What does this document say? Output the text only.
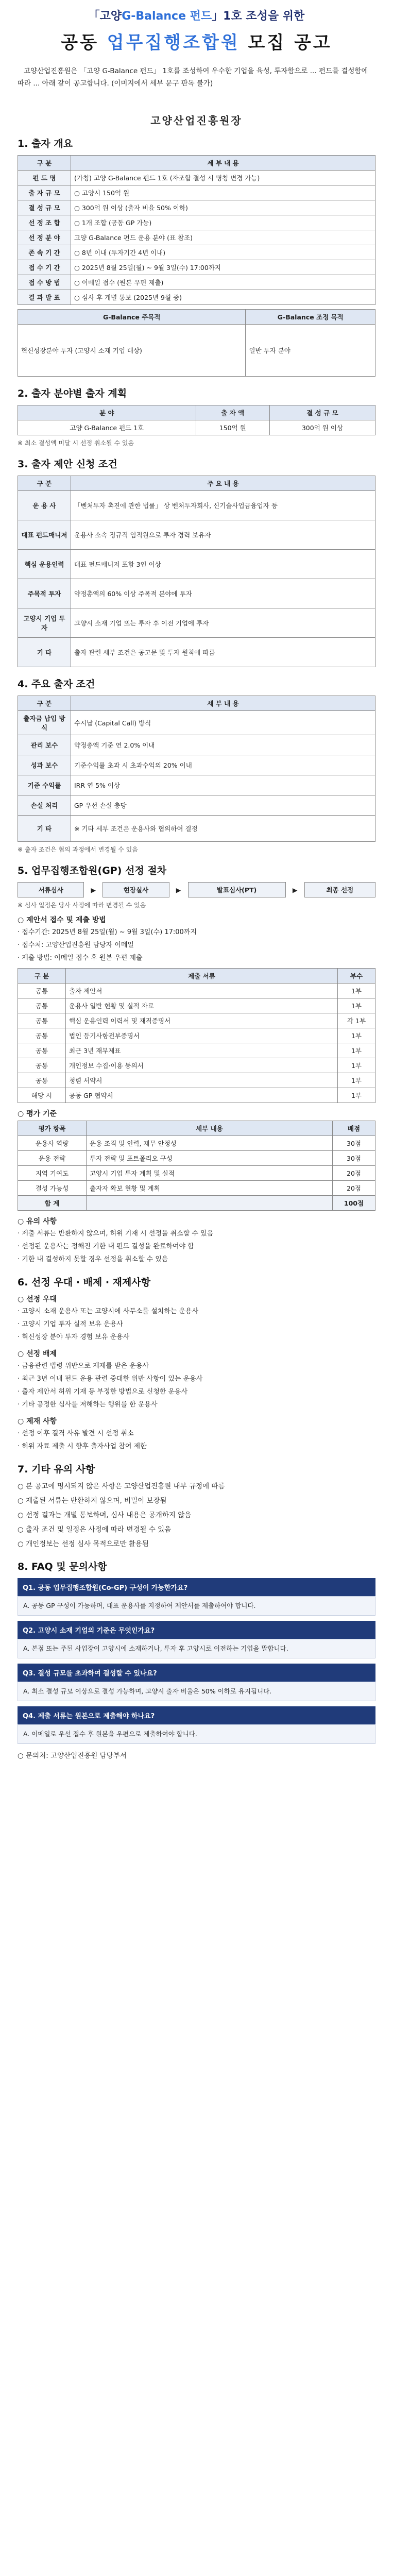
「고양G-Balance 펀드」1호 조성을 위한
공동 업무집행조합원 모집 공고
고양산업진흥원은 「고양 G-Balance 펀드」 1호를 조성하여 우수한 기업을 육성, 투자함으로 ... 펀드를 결성함에 따라 ... 아래 같이 공고합니다. (이미지에서 세부 문구 판독 불가)
고양산업진흥원장
1. 출자 개요
구 분	세 부 내 용
펀 드 명	(가칭) 고양 G-Balance 펀드 1호 (자조합 결성 시 명칭 변경 가능)
출 자 규 모	○ 고양시 150억 원
결 성 규 모	○ 300억 원 이상 (출자 비율 50% 이하)
선 정 조 합	○ 1개 조합 (공동 GP 가능)
선 정 분 야	고양 G-Balance 펀드 운용 분야 (표 참조)
존 속 기 간	○ 8년 이내 (투자기간 4년 이내)
접 수 기 간	○ 2025년 8월 25일(월) ~ 9월 3일(수) 17:00까지
접 수 방 법	○ 이메일 접수 (원본 우편 제출)
결 과 발 표	○ 심사 후 개별 통보 (2025년 9월 중)
G-Balance 주목적	G-Balance 조정 목적
혁신성장분야 투자 (고양시 소재 기업 대상)	일반 투자 분야
2. 출자 분야별 출자 계획
분 야	출 자 액	결 성 규 모
고양 G-Balance 펀드 1호	150억 원	300억 원 이상
※ 최소 결성액 미달 시 선정 취소될 수 있음
3. 출자 제안 신청 조건
구 분	주 요 내 용
운 용 사	「벤처투자 촉진에 관한 법률」 상 벤처투자회사, 신기술사업금융업자 등
대표 펀드매니저	운용사 소속 정규직 임직원으로 투자 경력 보유자
핵심 운용인력	대표 펀드매니저 포함 3인 이상
주목적 투자	약정총액의 60% 이상 주목적 분야에 투자
고양시 기업 투자	고양시 소재 기업 또는 투자 후 이전 기업에 투자
기 타	출자 관련 세부 조건은 공고문 및 투자 원칙에 따름
4. 주요 출자 조건
구 분	세 부 내 용
출자금 납입 방식	수시납 (Capital Call) 방식
관리 보수	약정총액 기준 연 2.0% 이내
성과 보수	기준수익률 초과 시 초과수익의 20% 이내
기준 수익률	IRR 연 5% 이상
손실 처리	GP 우선 손실 충당
기 타	※ 기타 세부 조건은 운용사와 협의하여 결정
※ 출자 조건은 협의 과정에서 변경될 수 있음
5. 업무집행조합원(GP) 선정 절차
서류심사	▶	현장실사	▶	발표심사(PT)	▶	최종 선정
※ 심사 일정은 당사 사정에 따라 변경될 수 있음
○ 제안서 접수 및 제출 방법
· 접수기간: 2025년 8월 25일(월) ~ 9월 3일(수) 17:00까지
· 접수처: 고양산업진흥원 담당자 이메일
· 제출 방법: 이메일 접수 후 원본 우편 제출
구 분	제출 서류	부수
공통	출자 제안서	1부
공통	운용사 일반 현황 및 실적 자료	1부
공통	핵심 운용인력 이력서 및 재직증명서	각 1부
공통	법인 등기사항전부증명서	1부
공통	최근 3년 재무제표	1부
공통	개인정보 수집·이용 동의서	1부
공통	청렴 서약서	1부
해당 시	공동 GP 협약서	1부
○ 평가 기준
평가 항목	세부 내용	배점
운용사 역량	운용 조직 및 인력, 재무 안정성	30점
운용 전략	투자 전략 및 포트폴리오 구성	30점
지역 기여도	고양시 기업 투자 계획 및 실적	20점
결성 가능성	출자자 확보 현황 및 계획	20점
합 계		100점
○ 유의 사항
· 제출 서류는 반환하지 않으며, 허위 기재 시 선정을 취소할 수 있음
· 선정된 운용사는 정해진 기한 내 펀드 결성을 완료하여야 함
· 기한 내 결성하지 못할 경우 선정을 취소할 수 있음
6. 선정 우대 · 배제 · 재제사항
○ 선정 우대
· 고양시 소재 운용사 또는 고양시에 사무소를 설치하는 운용사
· 고양시 기업 투자 실적 보유 운용사
· 혁신성장 분야 투자 경험 보유 운용사
○ 선정 배제
· 금융관련 법령 위반으로 제재를 받은 운용사
· 최근 3년 이내 펀드 운용 관련 중대한 위반 사항이 있는 운용사
· 출자 제안서 허위 기재 등 부정한 방법으로 신청한 운용사
· 기타 공정한 심사를 저해하는 행위를 한 운용사
○ 제재 사항
· 선정 이후 결격 사유 발견 시 선정 취소
· 허위 자료 제출 시 향후 출자사업 참여 제한
7. 기타 유의 사항
○ 본 공고에 명시되지 않은 사항은 고양산업진흥원 내부 규정에 따름
○ 제출된 서류는 반환하지 않으며, 비밀이 보장됨
○ 선정 결과는 개별 통보하며, 심사 내용은 공개하지 않음
○ 출자 조건 및 일정은 사정에 따라 변경될 수 있음
○ 개인정보는 선정 심사 목적으로만 활용됨
8. FAQ 및 문의사항
Q1. 공동 업무집행조합원(Co-GP) 구성이 가능한가요?
A. 공동 GP 구성이 가능하며, 대표 운용사를 지정하여 제안서를 제출하여야 합니다.
Q2. 고양시 소재 기업의 기준은 무엇인가요?
A. 본점 또는 주된 사업장이 고양시에 소재하거나, 투자 후 고양시로 이전하는 기업을 말합니다.
Q3. 결성 규모를 초과하여 결성할 수 있나요?
A. 최소 결성 규모 이상으로 결성 가능하며, 고양시 출자 비율은 50% 이하로 유지됩니다.
Q4. 제출 서류는 원본으로 제출해야 하나요?
A. 이메일로 우선 접수 후 원본을 우편으로 제출하여야 합니다.
○ 문의처: 고양산업진흥원 담당부서
